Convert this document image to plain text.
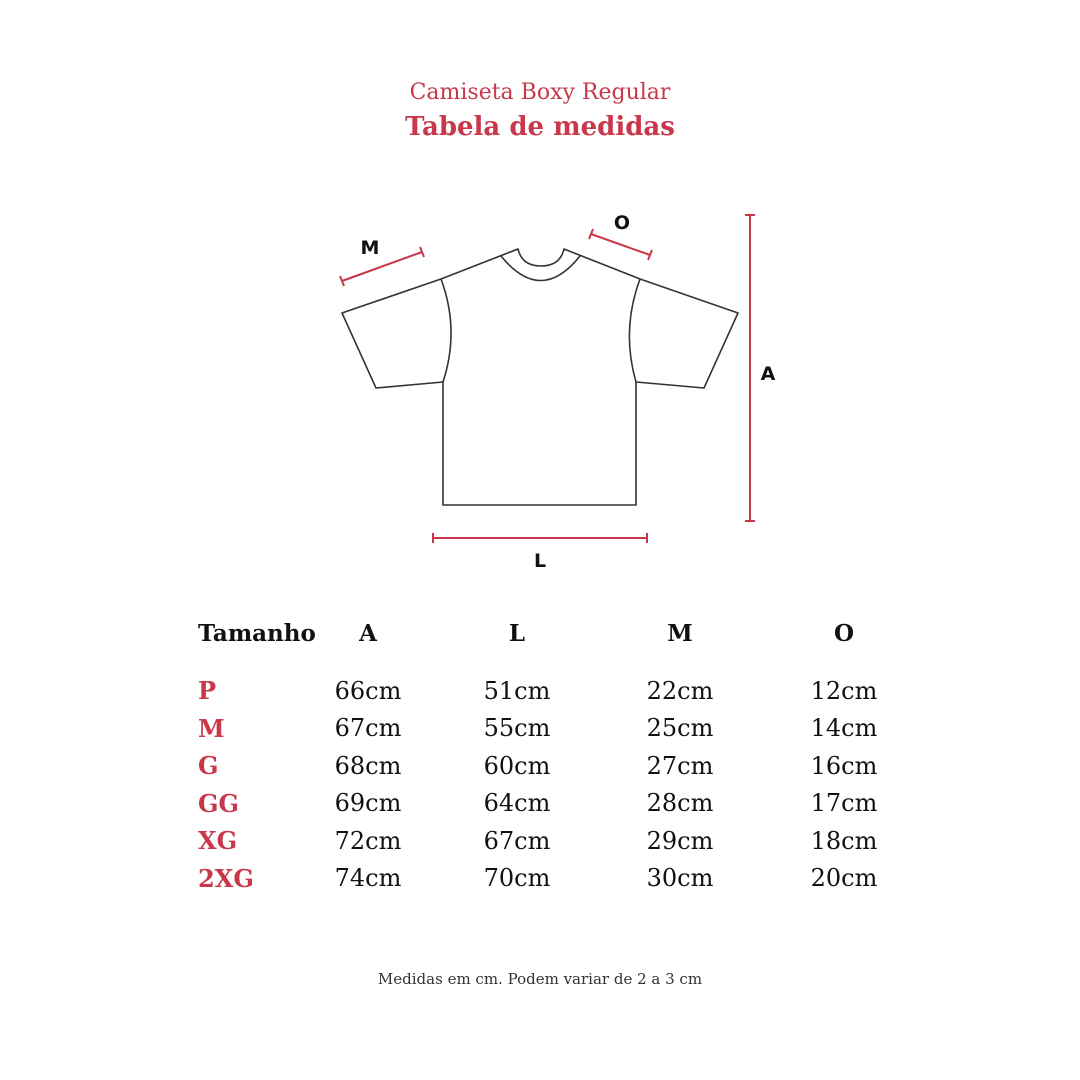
Camiseta Boxy Regular
Tabela de medidas
M
O
A
L
Tamanho	A	L	M	O

P	66cm	51cm	22cm	12cm
M	67cm	55cm	25cm	14cm
G	68cm	60cm	27cm	16cm
GG	69cm	64cm	28cm	17cm
XG	72cm	67cm	29cm	18cm
2XG	74cm	70cm	30cm	20cm
Medidas em cm. Podem variar de 2 a 3 cm
